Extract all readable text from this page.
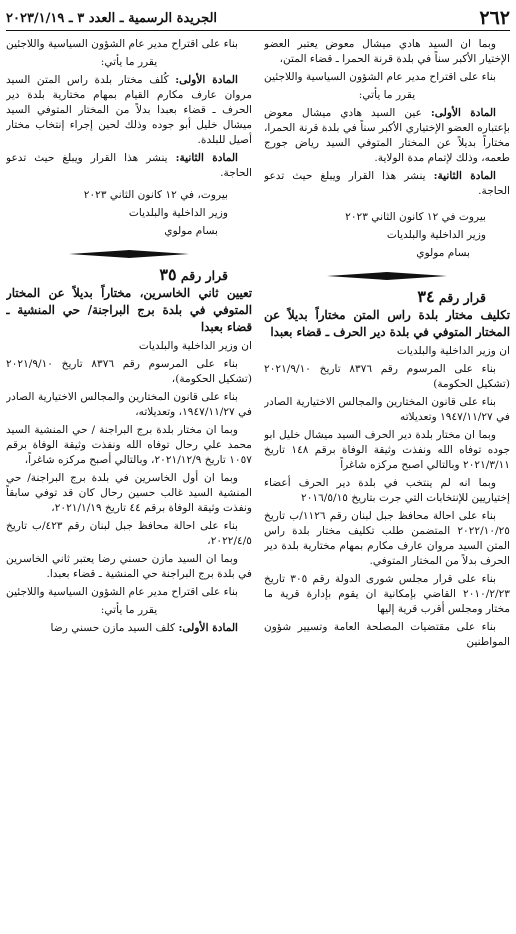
٢٦٢
الجريدة الرسمية ـ العدد ٣ ـ ٢٠٢٣/١/١٩

وبما ان السيد هادي ميشال معوض يعتبر العضو الإختيار الأكبر سناً في بلدة قرنة الحمرا ـ قضاء المتن،

بناء على اقتراح مدير عام الشؤون السياسية واللاجئين

يقرر ما يأتي:

المادة الأولى: عين السيد هادي ميشال معوض بإعتباره العضو الإختياري الأكبر سناً في بلدة قرنة الحمرا، مختاراً بديلاً عن المختار المتوفي السيد رياض جورج طعمه، وذلك لإتمام مدة الولاية.

المادة الثانية: ينشر هذا القرار ويبلغ حيث تدعو الحاجة.

بيروت في ١٢ كانون الثاني ٢٠٢٣

وزير الداخلية والبلديات

بسام مولوي

قرار رقم ٣٤

تكليف مختار بلدة راس المتن مختاراً بديلاً عن المختار المتوفي في بلدة دير الحرف ـ قضاء بعبدا

ان وزير الداخلية والبلديات

بناء على المرسوم رقم ٨٣٧٦ تاريخ ٢٠٢١/٩/١٠ (تشكيل الحكومة)

بناء على قانون المختارين والمجالس الاختيارية الصادر في ١٩٤٧/١١/٢٧ وتعديلاته

وبما ان مختار بلدة دير الحرف السيد ميشال خليل ابو جوده توفاه الله ونفذت وثيقة الوفاة برقم ١٤٨ تاريخ ٢٠٢١/٣/١١ وبالتالي اصبح مركزه شاغراً

وبما انه لم ينتخب في بلدة دير الحرف أعضاء إختياريين للإنتخابات التي جرت بتاريخ ٢٠١٦/٥/١٥

بناء على احالة محافظ جبل لبنان رقم ١١٢٦/ب تاريخ ٢٠٢٢/١٠/٢٥ المتضمن طلب تكليف مختار بلدة راس المتن السيد مروان عارف مكارم بمهام مختارية بلدة دير الحرف بدلاً من المختار المتوفي.

بناء على قرار مجلس شورى الدولة رقم ٣٠٥ تاريخ ٢٠١٠/٢/٢٣ القاضي بإمكانية ان يقوم بإدارة قرية ما مختار ومجلس أقرب قرية إليها

بناء على مقتضيات المصلحة العامة وتسيير شؤون المواطنين

بناء على اقتراح مدير عام الشؤون السياسية واللاجئين

يقرر ما يأتي:

المادة الأولى: كُلف مختار بلدة راس المتن السيد مروان عارف مكارم القيام بمهام مختارية بلدة دير الحرف ـ قضاء بعبدا بدلاً من المختار المتوفي السيد ميشال خليل أبو جوده وذلك لحين إجراء إنتخاب مختار أصيل للبلدة.

المادة الثانية: ينشر هذا القرار ويبلغ حيث تدعو الحاجة.

بيروت، في ١٢ كانون الثاني ٢٠٢٣

وزير الداخلية والبلديات

بسام مولوي

قرار رقم ٣٥

تعيين ثاني الخاسرين، مختاراً بديلاً عن المختار المتوفي في بلدة برج البراجنة/ حي المنشية ـ قضاء بعبدا

ان وزير الداخلية والبلديات

بناء على المرسوم رقم ٨٣٧٦ تاريخ ٢٠٢١/٩/١٠ (تشكيل الحكومة)،

بناء على قانون المختارين والمجالس الاختيارية الصادر في ١٩٤٧/١١/٢٧، وتعديلاته،

وبما ان مختار بلدة برج البراجنة / حي المنشية السيد محمد علي رحال توفاه الله ونفذت وثيقة الوفاة برقم ١٠٥٧ تاريخ ٢٠٢١/١٢/٩، وبالتالي أصبح مركزه شاغراً،

وبما ان أول الخاسرين في بلدة برج البراجنة/ حي المنشية السيد غالب حسين رحال كان قد توفي سابقاً ونفذت وثيقة الوفاة برقم ٤٤ تاريخ ٢٠٢١/١/١٩،

بناء على احالة محافظ جبل لبنان رقم ٤٢٣/ب تاريخ ٢٠٢٢/٤/٥،

وبما ان السيد مازن حسني رضا يعتبر ثاني الخاسرين في بلدة برج البراجنة حي المنشية ـ قضاء بعبدا.

بناء على اقتراح مدير عام الشؤون السياسية واللاجئين

يقرر ما يأتي:

المادة الأولى: كلف السيد مازن حسني رضا
